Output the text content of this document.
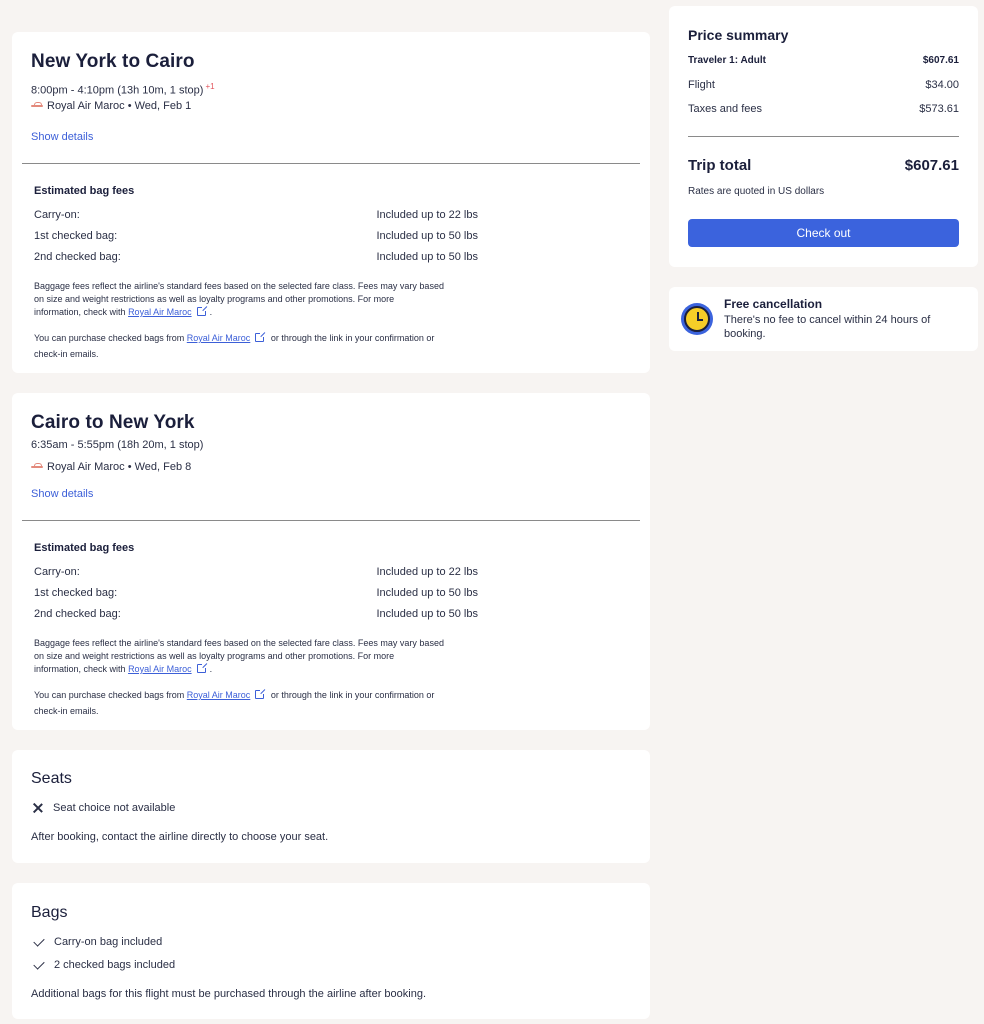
New York to Cairo
8:00pm - 4:10pm (13h 10m, 1 stop) $^{+1}$
Royal Air Maroc • Wed, Feb 1
Show details
Estimated bag fees
Carry-on:	Included up to 22 lbs
1st checked bag:	Included up to 50 lbs
2nd checked bag:	Included up to 50 lbs
Baggage fees reflect the airline's standard fees based on the selected fare class. Fees may vary based
on size and weight restrictions as well as loyalty programs and other promotions. For more
information, check with Royal Air Maroc .
You can purchase checked bags from Royal Air Maroc or through the link in your confirmation or
check-in emails.
Cairo to New York
6:35am - 5:55pm (18h 20m, 1 stop)
Royal Air Maroc • Wed, Feb 8
Show details
Estimated bag fees
Carry-on:	Included up to 22 lbs
1st checked bag:	Included up to 50 lbs
2nd checked bag:	Included up to 50 lbs
Baggage fees reflect the airline's standard fees based on the selected fare class. Fees may vary based
on size and weight restrictions as well as loyalty programs and other promotions. For more
information, check with Royal Air Maroc .
You can purchase checked bags from Royal Air Maroc or through the link in your confirmation or
check-in emails.
Seats
Seat choice not available
After booking, contact the airline directly to choose your seat.
Bags
Carry-on bag included
2 checked bags included
Additional bags for this flight must be purchased through the airline after booking.
Price summary
Traveler 1: Adult	$607.61
Flight	$34.00
Taxes and fees	$573.61
Trip total	$607.61
Rates are quoted in US dollars
Check out
Free cancellation
There's no fee to cancel within 24 hours of
booking.
